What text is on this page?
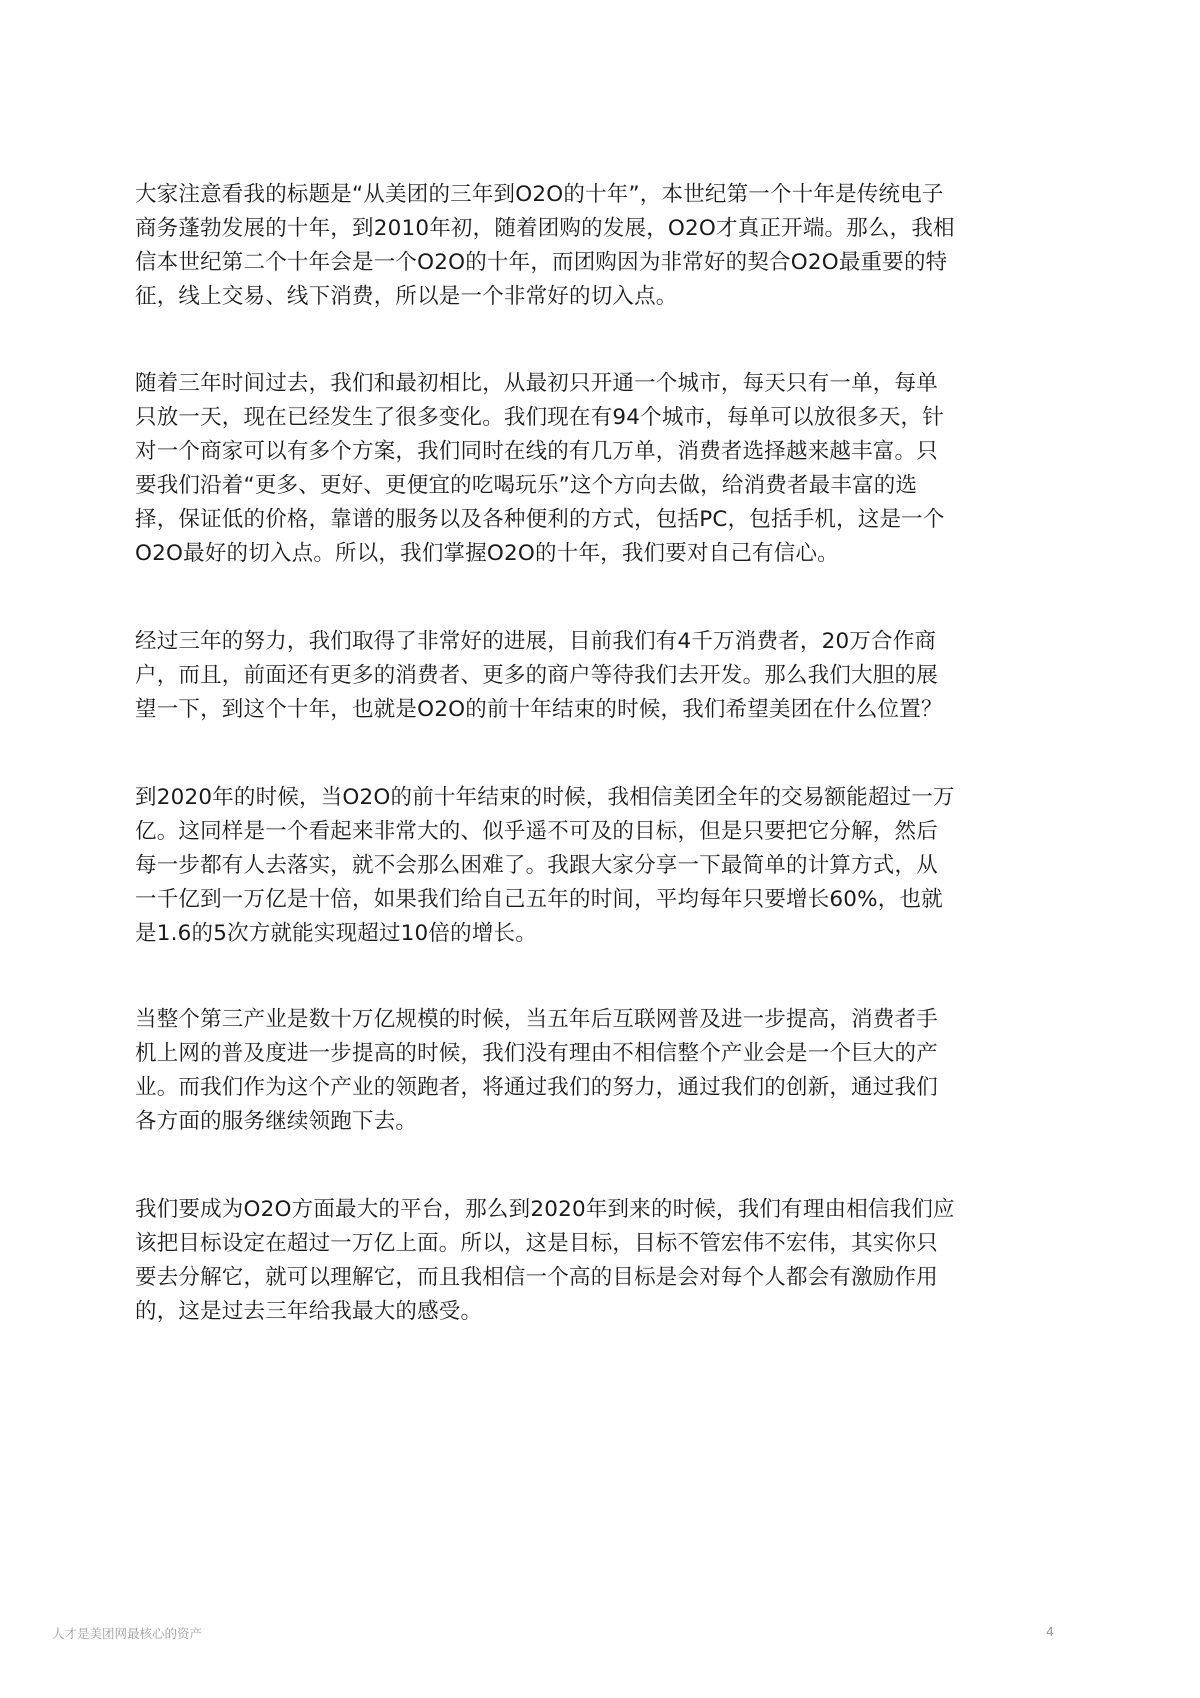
大家注意看我的标题是“从美团的三年到O2O的十年”，本世纪第一个十年是传统电子
商务蓬勃发展的十年，到2010年初，随着团购的发展，O2O才真正开端。那么，我相
信本世纪第二个十年会是一个O2O的十年，而团购因为非常好的契合O2O最重要的特
征，线上交易、线下消费，所以是一个非常好的切入点。

随着三年时间过去，我们和最初相比，从最初只开通一个城市，每天只有一单，每单
只放一天，现在已经发生了很多变化。我们现在有94个城市，每单可以放很多天，针
对一个商家可以有多个方案，我们同时在线的有几万单，消费者选择越来越丰富。只
要我们沿着“更多、更好、更便宜的吃喝玩乐”这个方向去做，给消费者最丰富的选
择，保证低的价格，靠谱的服务以及各种便利的方式，包括PC，包括手机，这是一个
O2O最好的切入点。所以，我们掌握O2O的十年，我们要对自己有信心。

经过三年的努力，我们取得了非常好的进展，目前我们有4千万消费者，20万合作商
户，而且，前面还有更多的消费者、更多的商户等待我们去开发。那么我们大胆的展
望一下，到这个十年，也就是O2O的前十年结束的时候，我们希望美团在什么位置？

到2020年的时候，当O2O的前十年结束的时候，我相信美团全年的交易额能超过一万
亿。这同样是一个看起来非常大的、似乎遥不可及的目标，但是只要把它分解，然后
每一步都有人去落实，就不会那么困难了。我跟大家分享一下最简单的计算方式，从
一千亿到一万亿是十倍，如果我们给自己五年的时间，平均每年只要增长60%，也就
是1.6的5次方就能实现超过10倍的增长。

当整个第三产业是数十万亿规模的时候，当五年后互联网普及进一步提高，消费者手
机上网的普及度进一步提高的时候，我们没有理由不相信整个产业会是一个巨大的产
业。而我们作为这个产业的领跑者，将通过我们的努力，通过我们的创新，通过我们
各方面的服务继续领跑下去。

我们要成为O2O方面最大的平台，那么到2020年到来的时候，我们有理由相信我们应
该把目标设定在超过一万亿上面。所以，这是目标，目标不管宏伟不宏伟，其实你只
要去分解它，就可以理解它，而且我相信一个高的目标是会对每个人都会有激励作用
的，这是过去三年给我最大的感受。

人才是美团网最核心的资产	4
